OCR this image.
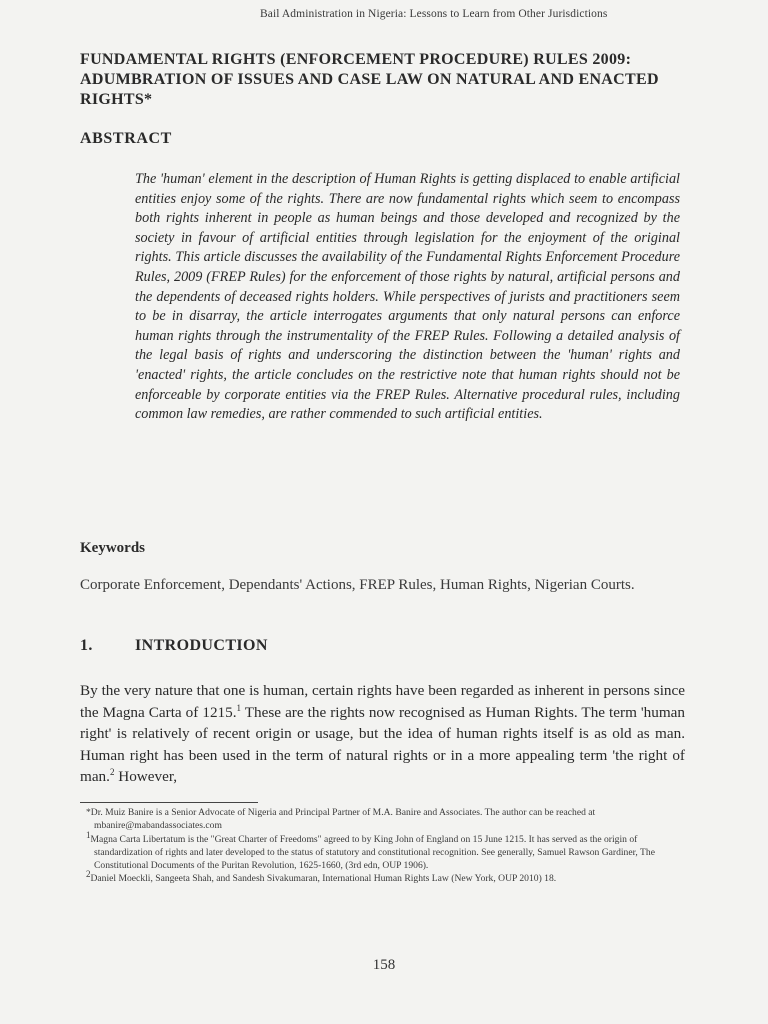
Bail Administration in Nigeria: Lessons to Learn from Other Jurisdictions
FUNDAMENTAL RIGHTS (ENFORCEMENT PROCEDURE) RULES 2009: ADUMBRATION OF ISSUES AND CASE LAW ON NATURAL AND ENACTED RIGHTS*
ABSTRACT

The 'human' element in the description of Human Rights is getting displaced to enable artificial entities enjoy some of the rights. There are now fundamental rights which seem to encompass both rights inherent in people as human beings and those developed and recognized by the society in favour of artificial entities through legislation for the enjoyment of the original rights. This article discusses the availability of the Fundamental Rights Enforcement Procedure Rules, 2009 (FREP Rules) for the enforcement of those rights by natural, artificial persons and the dependents of deceased rights holders. While perspectives of jurists and practitioners seem to be in disarray, the article interrogates arguments that only natural persons can enforce human rights through the instrumentality of the FREP Rules. Following a detailed analysis of the legal basis of rights and underscoring the distinction between the 'human' rights and 'enacted' rights, the article concludes on the restrictive note that human rights should not be enforceable by corporate entities via the FREP Rules. Alternative procedural rules, including common law remedies, are rather commended to such artificial entities.

Keywords

Corporate Enforcement, Dependants' Actions, FREP Rules, Human Rights, Nigerian Courts.

1.	INTRODUCTION

By the very nature that one is human, certain rights have been regarded as inherent in persons since the Magna Carta of 1215.$^1$ These are the rights now recognised as Human Rights. The term 'human right' is relatively of recent origin or usage, but the idea of human rights itself is as old as man. Human right has been used in the term of natural rights or in a more appealing term 'the right of man.$^2$ However,

*Dr. Muiz Banire is a Senior Advocate of Nigeria and Principal Partner of M.A. Banire and Associates. The author can be reached at mbanire@mabandassociates.com

$^1$Magna Carta Libertatum is the "Great Charter of Freedoms" agreed to by King John of England on 15 June 1215. It has served as the origin of standardization of rights and later developed to the status of statutory and constitutional recognition. See generally, Samuel Rawson Gardiner, The Constitutional Documents of the Puritan Revolution, 1625-1660, (3rd edn, OUP 1906).

$^2$Daniel Moeckli, Sangeeta Shah, and Sandesh Sivakumaran, International Human Rights Law (New York, OUP 2010) 18.

158
